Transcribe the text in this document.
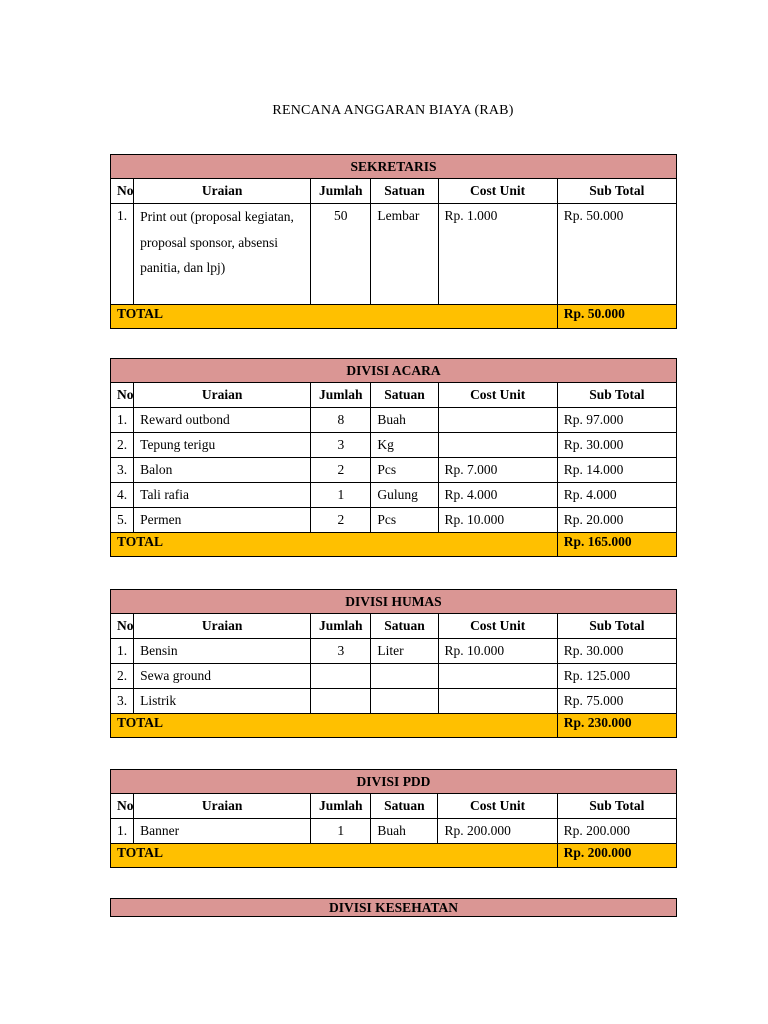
RENCANA ANGGARAN BIAYA (RAB)
SEKRETARIS					
No	Uraian	Jumlah	Satuan	Cost Unit	Sub Total
1.	Print out (proposal kegiatan, proposal sponsor, absensi panitia, dan lpj)	50	Lembar	Rp. 1.000	Rp. 50.000
TOTAL					Rp. 50.000
DIVISI ACARA					
No	Uraian	Jumlah	Satuan	Cost Unit	Sub Total
1.	Reward outbond	8	Buah		Rp. 97.000
2.	Tepung terigu	3	Kg		Rp. 30.000
3.	Balon	2	Pcs	Rp. 7.000	Rp. 14.000
4.	Tali rafia	1	Gulung	Rp. 4.000	Rp. 4.000
5.	Permen	2	Pcs	Rp. 10.000	Rp. 20.000
TOTAL					Rp. 165.000
DIVISI HUMAS					
No	Uraian	Jumlah	Satuan	Cost Unit	Sub Total
1.	Bensin	3	Liter	Rp. 10.000	Rp. 30.000
2.	Sewa ground				Rp. 125.000
3.	Listrik				Rp. 75.000
TOTAL					Rp. 230.000
DIVISI PDD					
No	Uraian	Jumlah	Satuan	Cost Unit	Sub Total
1.	Banner	1	Buah	Rp. 200.000	Rp. 200.000
TOTAL					Rp. 200.000
DIVISI KESEHATAN
